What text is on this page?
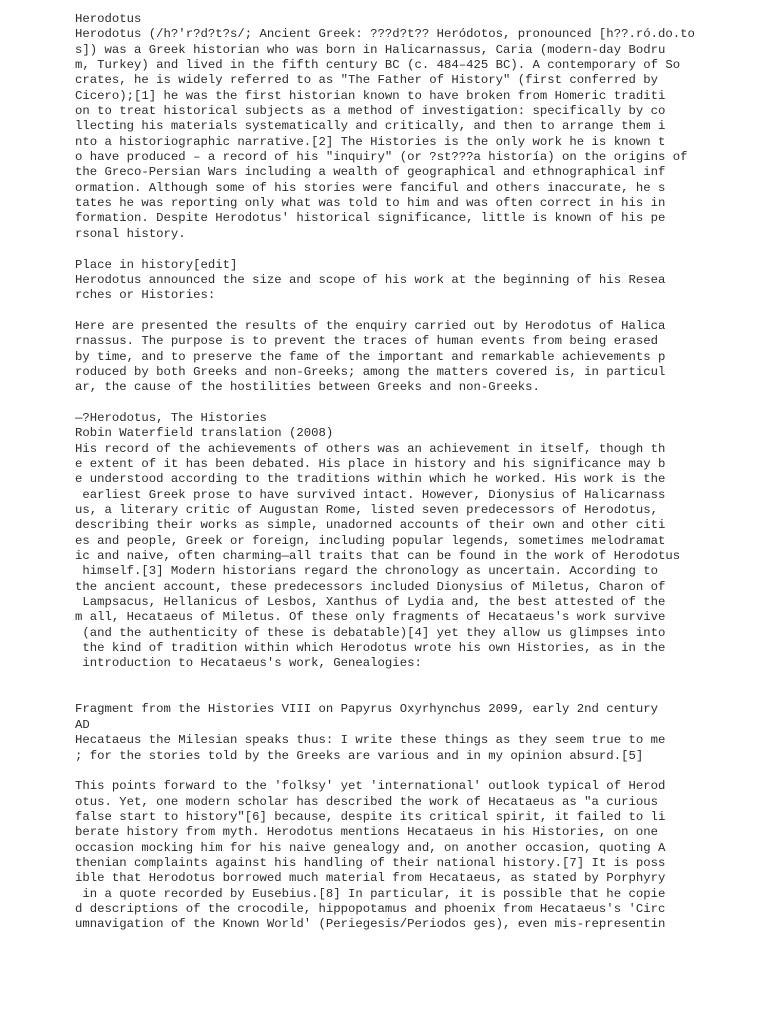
Herodotus
Herodotus (/h?'r?d?t?s/; Ancient Greek: ???d?t?? Heródotos, pronounced [h??.ró.do.to
s]) was a Greek historian who was born in Halicarnassus, Caria (modern-day Bodru
m, Turkey) and lived in the fifth century BC (c. 484–425 BC). A contemporary of So
crates, he is widely referred to as "The Father of History" (first conferred by
Cicero);[1] he was the first historian known to have broken from Homeric traditi
on to treat historical subjects as a method of investigation: specifically by co
llecting his materials systematically and critically, and then to arrange them i
nto a historiographic narrative.[2] The Histories is the only work he is known t
o have produced – a record of his "inquiry" (or ?st???a historía) on the origins of
the Greco-Persian Wars including a wealth of geographical and ethnographical inf
ormation. Although some of his stories were fanciful and others inaccurate, he s
tates he was reporting only what was told to him and was often correct in his in
formation. Despite Herodotus' historical significance, little is known of his pe
rsonal history.
Place in history[edit]
Herodotus announced the size and scope of his work at the beginning of his Resea
rches or Histories:
Here are presented the results of the enquiry carried out by Herodotus of Halica
rnassus. The purpose is to prevent the traces of human events from being erased
by time, and to preserve the fame of the important and remarkable achievements p
roduced by both Greeks and non-Greeks; among the matters covered is, in particul
ar, the cause of the hostilities between Greeks and non-Greeks.
—?Herodotus, The Histories
Robin Waterfield translation (2008)
His record of the achievements of others was an achievement in itself, though th
e extent of it has been debated. His place in history and his significance may b
e understood according to the traditions within which he worked. His work is the
earliest Greek prose to have survived intact. However, Dionysius of Halicarnass
us, a literary critic of Augustan Rome, listed seven predecessors of Herodotus,
describing their works as simple, unadorned accounts of their own and other citi
es and people, Greek or foreign, including popular legends, sometimes melodramat
ic and naive, often charming—all traits that can be found in the work of Herodotus
himself.[3] Modern historians regard the chronology as uncertain. According to
the ancient account, these predecessors included Dionysius of Miletus, Charon of
Lampsacus, Hellanicus of Lesbos, Xanthus of Lydia and, the best attested of the
m all, Hecataeus of Miletus. Of these only fragments of Hecataeus's work survive
(and the authenticity of these is debatable)[4] yet they allow us glimpses into
the kind of tradition within which Herodotus wrote his own Histories, as in the
introduction to Hecataeus's work, Genealogies:
Fragment from the Histories VIII on Papyrus Oxyrhynchus 2099, early 2nd century
AD
Hecataeus the Milesian speaks thus: I write these things as they seem true to me
; for the stories told by the Greeks are various and in my opinion absurd.[5]
This points forward to the 'folksy' yet 'international' outlook typical of Herod
otus. Yet, one modern scholar has described the work of Hecataeus as "a curious
false start to history"[6] because, despite its critical spirit, it failed to li
berate history from myth. Herodotus mentions Hecataeus in his Histories, on one
occasion mocking him for his naive genealogy and, on another occasion, quoting A
thenian complaints against his handling of their national history.[7] It is poss
ible that Herodotus borrowed much material from Hecataeus, as stated by Porphyry
in a quote recorded by Eusebius.[8] In particular, it is possible that he copie
d descriptions of the crocodile, hippopotamus and phoenix from Hecataeus's 'Circ
umnavigation of the Known World' (Periegesis/Periodos ges), even mis-representin
